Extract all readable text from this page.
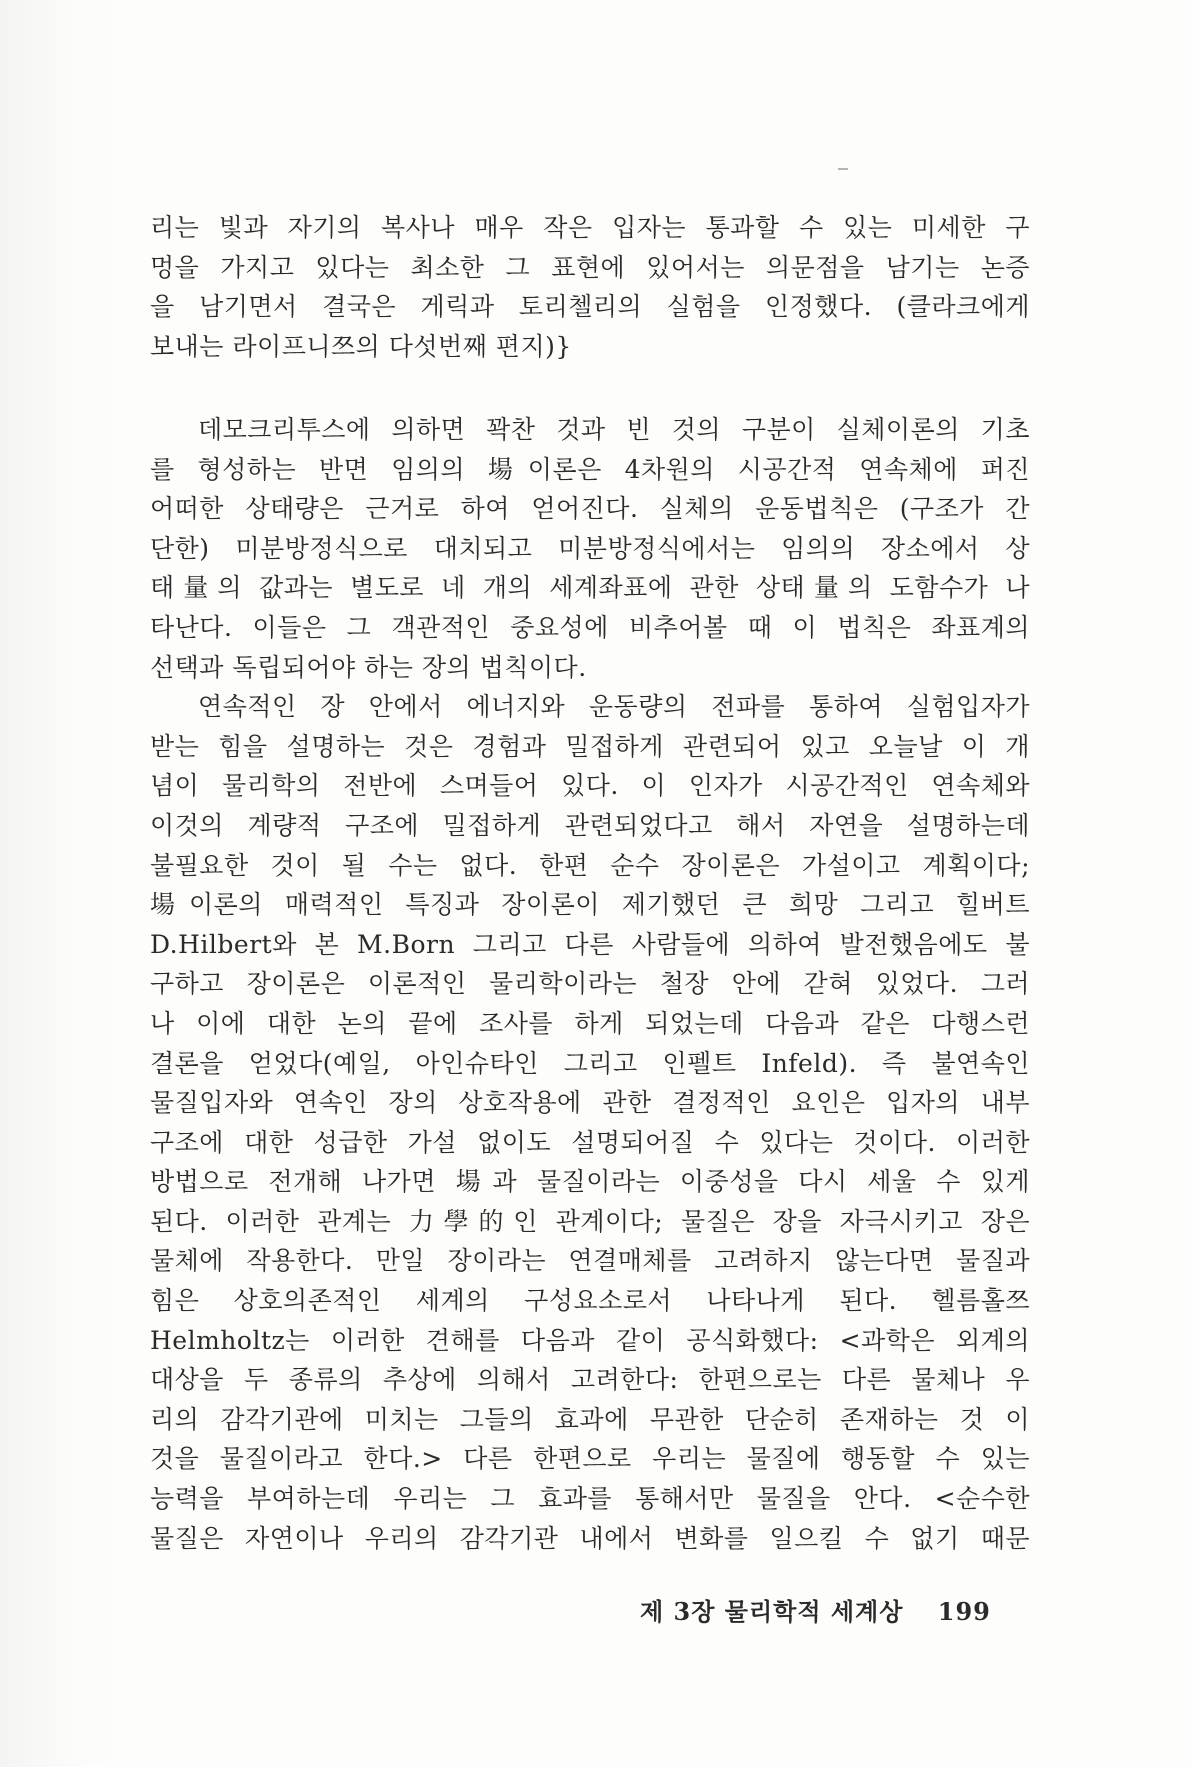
리는 빛과 자기의 복사나 매우 작은 입자는 통과할 수 있는 미세한 구
멍을 가지고 있다는 최소한 그 표현에 있어서는 의문점을 남기는 논증
을 남기면서 결국은 게릭과 토리첼리의 실험을 인정했다. (클라크에게
보내는 라이프니쯔의 다섯번째 편지)}
데모크리투스에 의하면 꽉찬 것과 빈 것의 구분이 실체이론의 기초
를 형성하는 반면 임의의 場이론은 4차원의 시공간적 연속체에 퍼진
어떠한 상태량은 근거로 하여 얻어진다. 실체의 운동법칙은 (구조가 간
단한) 미분방정식으로 대치되고 미분방정식에서는 임의의 장소에서 상
태量의 값과는 별도로 네 개의 세계좌표에 관한 상태量의 도함수가 나
타난다. 이들은 그 객관적인 중요성에 비추어볼 때 이 법칙은 좌표계의
선택과 독립되어야 하는 장의 법칙이다.
연속적인 장 안에서 에너지와 운동량의 전파를 통하여 실험입자가
받는 힘을 설명하는 것은 경험과 밀접하게 관련되어 있고 오늘날 이 개
념이 물리학의 전반에 스며들어 있다. 이 인자가 시공간적인 연속체와
이것의 계량적 구조에 밀접하게 관련되었다고 해서 자연을 설명하는데
불필요한 것이 될 수는 없다. 한편 순수 장이론은 가설이고 계획이다;
場이론의 매력적인 특징과 장이론이 제기했던 큰 희망 그리고 힐버트
D.Hilbert와 본 M.Born 그리고 다른 사람들에 의하여 발전했음에도 불
구하고 장이론은 이론적인 물리학이라는 철장 안에 갇혀 있었다. 그러
나 이에 대한 논의 끝에 조사를 하게 되었는데 다음과 같은 다행스런
결론을 얻었다(예일, 아인슈타인 그리고 인펠트 Infeld). 즉 불연속인
물질입자와 연속인 장의 상호작용에 관한 결정적인 요인은 입자의 내부
구조에 대한 성급한 가설 없이도 설명되어질 수 있다는 것이다. 이러한
방법으로 전개해 나가면 場과 물질이라는 이중성을 다시 세울 수 있게
된다. 이러한 관계는 力學的인 관계이다; 물질은 장을 자극시키고 장은
물체에 작용한다. 만일 장이라는 연결매체를 고려하지 않는다면 물질과
힘은 상호의존적인 세계의 구성요소로서 나타나게 된다. 헬름홀쯔
Helmholtz는 이러한 견해를 다음과 같이 공식화했다: <과학은 외계의
대상을 두 종류의 추상에 의해서 고려한다: 한편으로는 다른 물체나 우
리의 감각기관에 미치는 그들의 효과에 무관한 단순히 존재하는 것 이
것을 물질이라고 한다.> 다른 한편으로 우리는 물질에 행동할 수 있는
능력을 부여하는데 우리는 그 효과를 통해서만 물질을 안다. <순수한
물질은 자연이나 우리의 감각기관 내에서 변화를 일으킬 수 없기 때문
제 3장 물리학적 세계상 199
